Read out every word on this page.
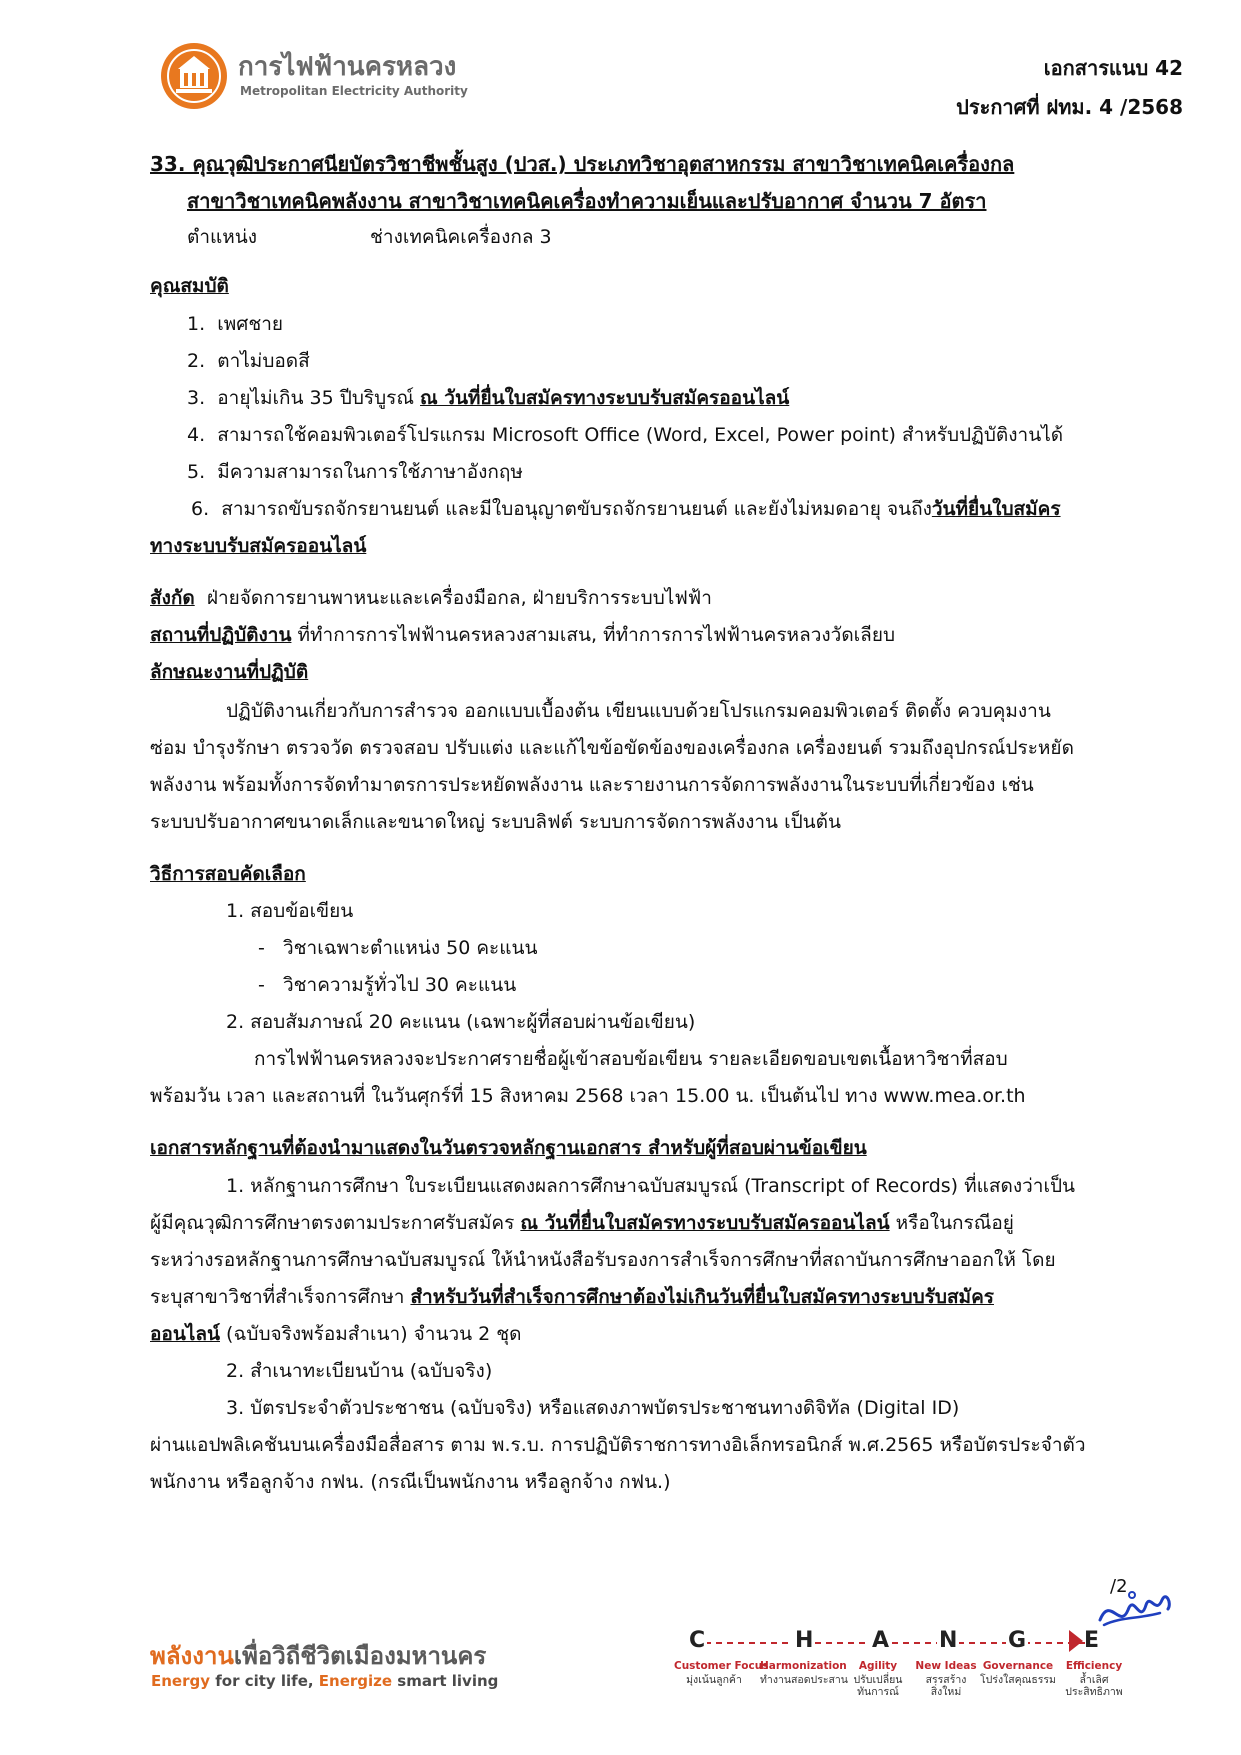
การไฟฟ้านครหลวง
Metropolitan Electricity Authority
เอกสารแนบ 42
ประกาศที่ ฝทม. 4 /2568
33. คุณวุฒิประกาศนียบัตรวิชาชีพชั้นสูง (ปวส.) ประเภทวิชาอุตสาหกรรม สาขาวิชาเทคนิคเครื่องกล
สาขาวิชาเทคนิคพลังงาน สาขาวิชาเทคนิคเครื่องทำความเย็นและปรับอากาศ จำนวน 7 อัตรา
ตำแหน่ง	ช่างเทคนิคเครื่องกล 3
คุณสมบัติ
1. เพศชาย
2. ตาไม่บอดสี
3. อายุไม่เกิน 35 ปีบริบูรณ์ ณ วันที่ยื่นใบสมัครทางระบบรับสมัครออนไลน์
4. สามารถใช้คอมพิวเตอร์โปรแกรม Microsoft Office (Word, Excel, Power point) สำหรับปฏิบัติงานได้
5. มีความสามารถในการใช้ภาษาอังกฤษ
6. สามารถขับรถจักรยานยนต์ และมีใบอนุญาตขับรถจักรยานยนต์ และยังไม่หมดอายุ จนถึงวันที่ยื่นใบสมัคร
ทางระบบรับสมัครออนไลน์
สังกัด ฝ่ายจัดการยานพาหนะและเครื่องมือกล, ฝ่ายบริการระบบไฟฟ้า
สถานที่ปฏิบัติงาน ที่ทำการการไฟฟ้านครหลวงสามเสน, ที่ทำการการไฟฟ้านครหลวงวัดเลียบ
ลักษณะงานที่ปฏิบัติ
ปฏิบัติงานเกี่ยวกับการสำรวจ ออกแบบเบื้องต้น เขียนแบบด้วยโปรแกรมคอมพิวเตอร์ ติดตั้ง ควบคุมงาน
ซ่อม บำรุงรักษา ตรวจวัด ตรวจสอบ ปรับแต่ง และแก้ไขข้อขัดข้องของเครื่องกล เครื่องยนต์ รวมถึงอุปกรณ์ประหยัด
พลังงาน พร้อมทั้งการจัดทำมาตรการประหยัดพลังงาน และรายงานการจัดการพลังงานในระบบที่เกี่ยวข้อง เช่น
ระบบปรับอากาศขนาดเล็กและขนาดใหญ่ ระบบลิฟต์ ระบบการจัดการพลังงาน เป็นต้น
วิธีการสอบคัดเลือก
1. สอบข้อเขียน
-   วิชาเฉพาะตำแหน่ง 50 คะแนน
-   วิชาความรู้ทั่วไป 30 คะแนน
2. สอบสัมภาษณ์ 20 คะแนน (เฉพาะผู้ที่สอบผ่านข้อเขียน)
การไฟฟ้านครหลวงจะประกาศรายชื่อผู้เข้าสอบข้อเขียน รายละเอียดขอบเขตเนื้อหาวิชาที่สอบ
พร้อมวัน เวลา และสถานที่ ในวันศุกร์ที่ 15 สิงหาคม 2568 เวลา 15.00 น. เป็นต้นไป ทาง www.mea.or.th
เอกสารหลักฐานที่ต้องนำมาแสดงในวันตรวจหลักฐานเอกสาร สำหรับผู้ที่สอบผ่านข้อเขียน
1. หลักฐานการศึกษา ใบระเบียนแสดงผลการศึกษาฉบับสมบูรณ์ (Transcript of Records) ที่แสดงว่าเป็น
ผู้มีคุณวุฒิการศึกษาตรงตามประกาศรับสมัคร ณ วันที่ยื่นใบสมัครทางระบบรับสมัครออนไลน์ หรือในกรณีอยู่
ระหว่างรอหลักฐานการศึกษาฉบับสมบูรณ์ ให้นำหนังสือรับรองการสำเร็จการศึกษาที่สถาบันการศึกษาออกให้ โดย
ระบุสาขาวิชาที่สำเร็จการศึกษา สำหรับวันที่สำเร็จการศึกษาต้องไม่เกินวันที่ยื่นใบสมัครทางระบบรับสมัคร
ออนไลน์ (ฉบับจริงพร้อมสำเนา) จำนวน 2 ชุด
2. สำเนาทะเบียนบ้าน (ฉบับจริง)
3. บัตรประจำตัวประชาชน (ฉบับจริง) หรือแสดงภาพบัตรประชาชนทางดิจิทัล (Digital ID)
ผ่านแอปพลิเคชันบนเครื่องมือสื่อสาร ตาม พ.ร.บ. การปฏิบัติราชการทางอิเล็กทรอนิกส์ พ.ศ.2565 หรือบัตรประจำตัว
พนักงาน หรือลูกจ้าง กฟน. (กรณีเป็นพนักงาน หรือลูกจ้าง กฟน.)
/2
พลังงานเพื่อวิถีชีวิตเมืองมหานคร
Energy for city life, Energize smart living
C	H	A N G	E
Customer Focus
มุ่งเน้นลูกค้า
Harmonization
ทำงานสอดประสาน
Agility
ปรับเปลี่ยนทันการณ์
New Ideas
สรรสร้างสิ่งใหม่
Governance
โปร่งใสคุณธรรม
Efficiency
ล้ำเลิศประสิทธิภาพ
